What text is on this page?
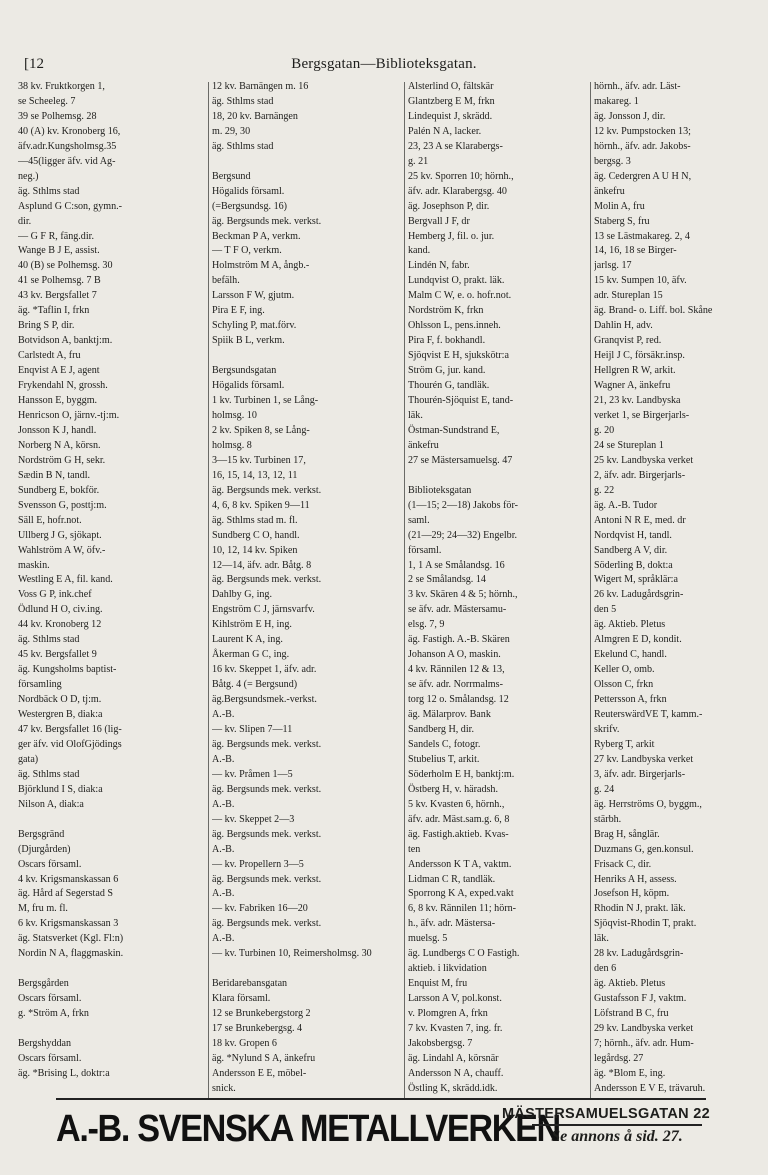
[12	Bergsgatan—Biblioteksgatan.
38 kv. Fruktkorgen 1,
se Scheeleg. 7
39 se Polhemsg. 28
40 (A) kv. Kronoberg 16,
äfv.adr.Kungsholmsg.35
—45(ligger äfv. vid Ag-
neg.)
äg. Sthlms stad
Asplund G C:son, gymn.-
dir.
— G F R, fäng.dir.
Wange B J E, assist.
40 (B) se Polhemsg. 30
41 se Polhemsg. 7 B
43 kv. Bergsfallet 7
äg. *Taflin I, frkn
Bring S P, dir.
Botvidson A, banktj:m.
Carlstedt A, fru
Enqvist A E J, agent
Frykendahl N, grossh.
Hansson E, byggm.
Henricson O, järnv.-tj:m.
Jonsson K J, handl.
Norberg N A, körsn.
Nordström G H, sekr.
Sædin B N, tandl.
Sundberg E, bokför.
Svensson G, posttj:m.
Säll E, hofr.not.
Ullberg J G, sjökapt.
Wahlström A W, öfv.-
maskin.
Westling E A, fil. kand.
Voss G P, ink.chef
Ödlund H O, civ.ing.
44 kv. Kronoberg 12
äg. Sthlms stad
45 kv. Bergsfallet 9
äg. Kungsholms baptist-
församling
Nordbäck O D, tj:m.
Westergren B, diak:a
47 kv. Bergsfallet 16 (lig-
ger äfv. vid OlofGjödings
gata)
äg. Sthlms stad
Björklund I S, diak:a
Nilson A, diak:a

Bergsgränd
(Djurgården)
Oscars församl.
4 kv. Krigsmanskassan 6
äg. Hård af Segerstad S
M, fru m. fl.
6 kv. Krigsmanskassan 3
äg. Statsverket (Kgl. Fl:n)
Nordin N A, flaggmaskin.

Bergsgården
Oscars församl.
g. *Ström A, frkn

Bergshyddan
Oscars församl.
äg. *Brising L, doktr:a

12 kv. Barnängen m. 16
äg. Sthlms stad
18, 20 kv. Barnängen
m. 29, 30
äg. Sthlms stad

Bergsund
Högalids församl.
(=Bergsundsg. 16)
äg. Bergsunds mek. verkst.
Beckman P A, verkm.
— T F O, verkm.
Holmström M A, ångb.-
befälh.
Larsson F W, gjutm.
Pira E F, ing.
Schyling P, mat.förv.
Spiik B L, verkm.

Bergsundsgatan
Högalids församl.
1 kv. Turbinen 1, se Lång-
holmsg. 10
2 kv. Spiken 8, se Lång-
holmsg. 8
3—15 kv. Turbinen 17,
16, 15, 14, 13, 12, 11
äg. Bergsunds mek. verkst.
4, 6, 8 kv. Spiken 9—11
äg. Sthlms stad m. fl.
Sundberg C O, handl.
10, 12, 14 kv. Spiken
12—14, äfv. adr. Båtg. 8
äg. Bergsunds mek. verkst.
Dahlby G, ing.
Engström C J, järnsvarfv.
Kihlström E H, ing.
Laurent K A, ing.
Åkerman G C, ing.
16 kv. Skeppet 1, äfv. adr.
Båtg. 4 (= Bergsund)
äg.Bergsundsmek.-verkst.
A.-B.
— kv. Slipen 7—11
äg. Bergsunds mek. verkst.
A.-B.
— kv. Pråmen 1—5
äg. Bergsunds mek. verkst.
A.-B.
— kv. Skeppet 2—3
äg. Bergsunds mek. verkst.
A.-B.
— kv. Propellern 3—5
äg. Bergsunds mek. verkst.
A.-B.
— kv. Fabriken 16—20
äg. Bergsunds mek. verkst.
A.-B.
— kv. Turbinen 10, Reimersholmsg. 30

Beridarebansgatan
Klara församl.
12 se Brunkebergstorg 2
17 se Brunkebergsg. 4
18 kv. Gropen 6
äg. *Nylund S A, änkefru
Andersson E E, möbel-
snick.
Alsterlind O, fältskär
Glantzberg E M, frkn
Lindequist J, skrädd.
Palén N A, lacker.
23, 23 A se Klarabergs-
g. 21
25 kv. Sporren 10; hörnh.,
äfv. adr. Klarabergsg. 40
äg. Josephson P, dir.
Bergvall J F, dr
Hemberg J, fil. o. jur.
kand.
Lindén N, fabr.
Lundqvist O, prakt. läk.
Malm C W, e. o. hofr.not.
Nordström K, frkn
Ohlsson L, pens.inneh.
Pira F, f. bokhandl.
Sjöqvist E H, sjukskötr:a
Ström G, jur. kand.
Thourén G, tandläk.
Thourén-Sjöquist E, tand-
läk.
Östman-Sundstrand E,
änkefru
27 se Mästersamuelsg. 47

Biblioteksgatan
(1—15; 2—18) Jakobs för-
saml.
(21—29; 24—32) Engelbr.
församl.
1, 1 A se Smålandsg. 16
2 se Smålandsg. 14
3 kv. Skären 4 & 5; hörnh.,
se äfv. adr. Mästersamu-
elsg. 7, 9
äg. Fastigh. A.-B. Skären
Johanson A O, maskin.
4 kv. Rännilen 12 & 13,
se äfv. adr. Norrmalms-
torg 12 o. Smålandsg. 12
äg. Mälarprov. Bank
Sandberg H, dir.
Sandels C, fotogr.
Stubelius T, arkit.
Söderholm E H, banktj:m.
Östberg H, v. häradsh.
5 kv. Kvasten 6, hörnh.,
äfv. adr. Mäst.sam.g. 6, 8
äg. Fastigh.aktieb. Kvas-
ten
Andersson K T A, vaktm.
Lidman C R, tandläk.
Sporrong K A, exped.vakt
6, 8 kv. Rännilen 11; hörn-
h., äfv. adr. Mästersa-
muelsg. 5
äg. Lundbergs C O Fastigh.
aktieb. i likvidation
Enquist M, fru
Larsson A V, pol.konst.
v. Plomgren A, frkn
7 kv. Kvasten 7, ing. fr.
Jakobsbergsg. 7
äg. Lindahl A, körsnär
Andersson N A, chauff.
Östling K, skrädd.idk.
hörnh., äfv. adr. Läst-
makareg. 1
äg. Jonsson J, dir.
12 kv. Pumpstocken 13;
hörnh., äfv. adr. Jakobs-
bergsg. 3
äg. Cedergren A U H N,
änkefru
Molin A, fru
Staberg S, fru
13 se Lästmakareg. 2, 4
14, 16, 18 se Birger-
jarlsg. 17
15 kv. Sumpen 10, äfv.
adr. Stureplan 15
äg. Brand- o. Liff. bol. Skåne
Dahlin H, adv.
Granqvist P, red.
Heijl J C, försäkr.insp.
Hellgren R W, arkit.
Wagner A, änkefru
21, 23 kv. Landbyska
verket 1, se Birgerjarls-
g. 20
24 se Stureplan 1
25 kv. Landbyska verket
2, äfv. adr. Birgerjarls-
g. 22
äg. A.-B. Tudor
Antoni N R E, med. dr
Nordqvist H, tandl.
Sandberg A V, dir.
Söderling B, dokt:a
Wigert M, språklär:a
26 kv. Ladugårdsgrin-
den 5
äg. Aktieb. Pletus
Almgren E D, kondit.
Ekelund C, handl.
Keller O, omb.
Olsson C, frkn
Pettersson A, frkn
ReuterswärdVE T, kamm.-
skrifv.
Ryberg T, arkit
27 kv. Landbyska verket
3, äfv. adr. Birgerjarls-
g. 24
äg. Herrströms O, byggm.,
stärbh.
Brag H, sånglär.
Duzmans G, gen.konsul.
Frisack C, dir.
Henriks A H, assess.
Josefson H, köpm.
Rhodin N J, prakt. läk.
Sjöqvist-Rhodin T, prakt.
läk.
28 kv. Ladugårdsgrin-
den 6
äg. Aktieb. Pletus
Gustafsson F J, vaktm.
Löfstrand B C, fru
29 kv. Landbyska verket
7; hörnh., äfv. adr. Hum-
legårdsg. 27
äg. *Blom E, ing.
Andersson E V E, trävaruh.
A.-B. SVENSKA METALLVERKEN
MÄSTERSAMUELSGATAN 22
Se annons å sid. 27.
